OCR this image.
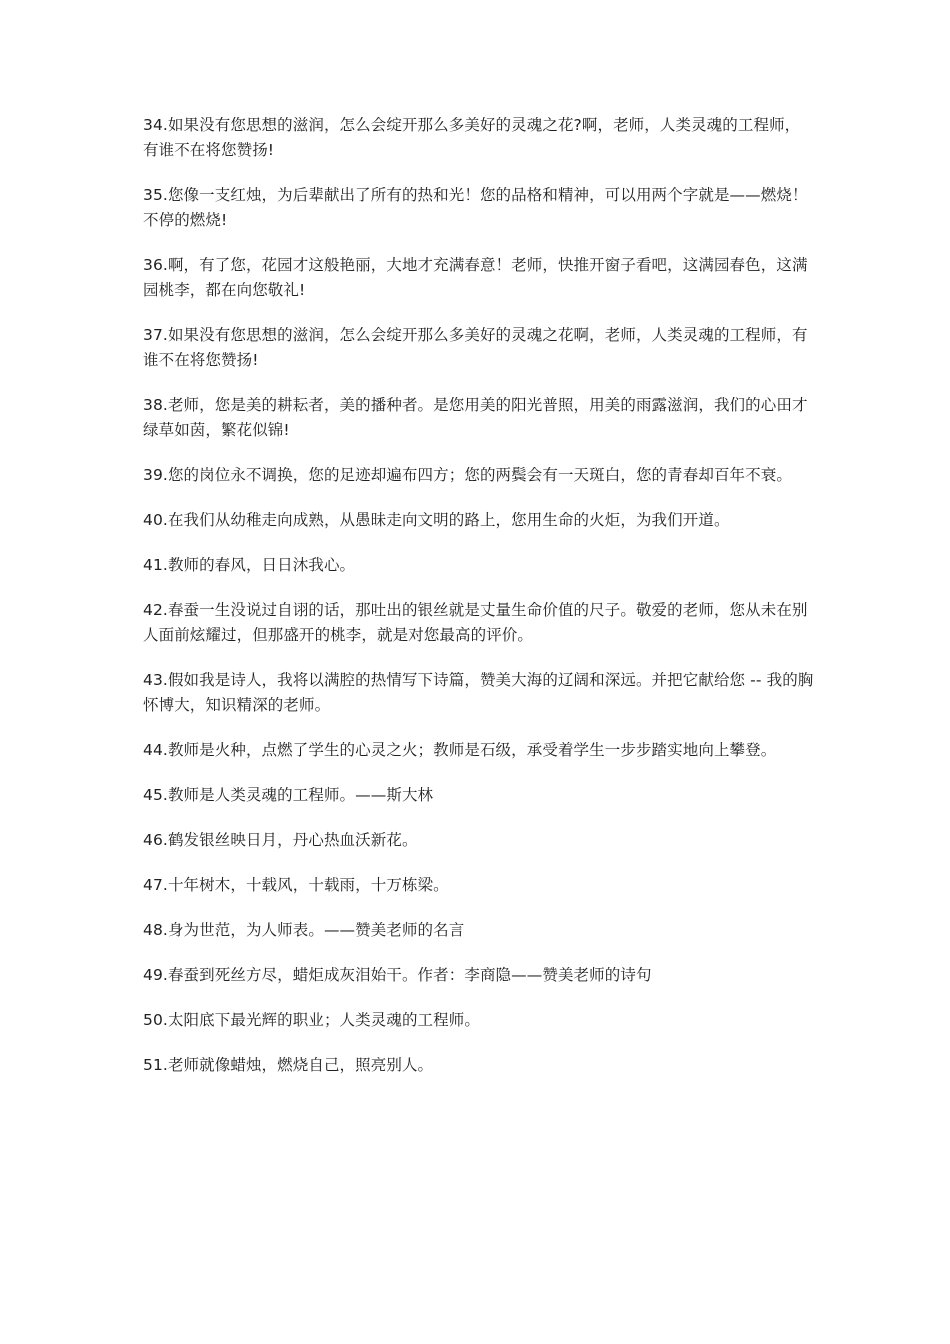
34.如果没有您思想的滋润，怎么会绽开那么多美好的灵魂之花?啊，老师，人类灵魂的工程师，有谁不在将您赞扬!

35.您像一支红烛，为后辈献出了所有的热和光！您的品格和精神，可以用两个字就是——燃烧！不停的燃烧!

36.啊，有了您，花园才这般艳丽，大地才充满春意！老师，快推开窗子看吧，这满园春色，这满园桃李，都在向您敬礼!

37.如果没有您思想的滋润，怎么会绽开那么多美好的灵魂之花啊，老师，人类灵魂的工程师，有谁不在将您赞扬!

38.老师，您是美的耕耘者，美的播种者。是您用美的阳光普照，用美的雨露滋润，我们的心田才绿草如茵，繁花似锦!

39.您的岗位永不调换，您的足迹却遍布四方；您的两鬓会有一天斑白，您的青春却百年不衰。

40.在我们从幼稚走向成熟，从愚昧走向文明的路上，您用生命的火炬，为我们开道。

41.教师的春风，日日沐我心。

42.春蚕一生没说过自诩的话，那吐出的银丝就是丈量生命价值的尺子。敬爱的老师，您从未在别人面前炫耀过，但那盛开的桃李，就是对您最高的评价。

43.假如我是诗人，我将以满腔的热情写下诗篇，赞美大海的辽阔和深远。并把它献给您 -- 我的胸怀博大，知识精深的老师。

44.教师是火种，点燃了学生的心灵之火；教师是石级，承受着学生一步步踏实地向上攀登。

45.教师是人类灵魂的工程师。——斯大林

46.鹤发银丝映日月，丹心热血沃新花。

47.十年树木，十载风，十载雨，十万栋梁。

48.身为世范，为人师表。——赞美老师的名言

49.春蚕到死丝方尽，蜡炬成灰泪始干。作者：李商隐——赞美老师的诗句

50.太阳底下最光辉的职业；人类灵魂的工程师。

51.老师就像蜡烛，燃烧自己，照亮别人。
